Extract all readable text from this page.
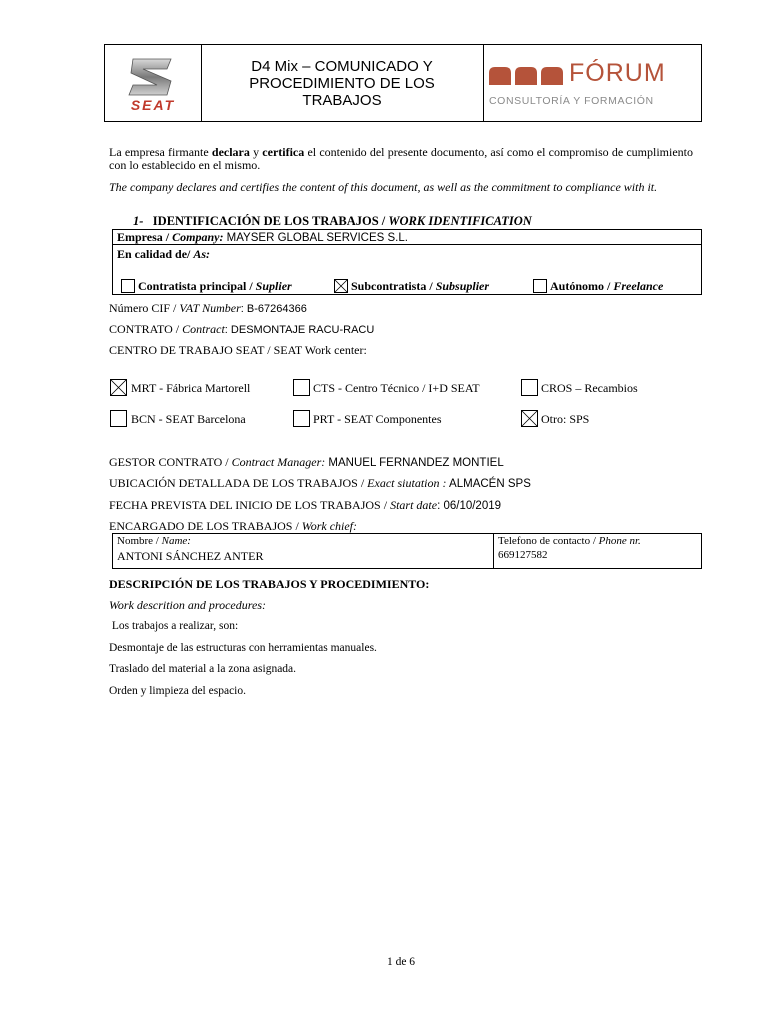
SEAT
D4 Mix – COMUNICADO Y
PROCEDIMIENTO DE LOS
TRABAJOS
FÓRUM
CONSULTORÍA Y FORMACIÓN
La empresa firmante declara y certifica el contenido del presente documento, así como el compromiso de cumplimiento con lo establecido en el mismo.
The company declares and certifies the content of this document, as well as the commitment to compliance with it.
1- IDENTIFICACIÓN DE LOS TRABAJOS / WORK IDENTIFICATION
Empresa / Company: MAYSER GLOBAL SERVICES S.L.
En calidad de/ As:
Contratista principal / Suplier	Subcontratista / Subsuplier	Autónomo / Freelance
Número CIF / VAT Number: B-67264366
CONTRATO / Contract: DESMONTAJE RACU-RACU
CENTRO DE TRABAJO SEAT / SEAT Work center:
MRT - Fábrica Martorell	CTS - Centro Técnico / I+D SEAT	CROS – Recambios
BCN - SEAT Barcelona	PRT - SEAT Componentes	Otro: SPS
GESTOR CONTRATO / Contract Manager: MANUEL FERNANDEZ MONTIEL
UBICACIÓN DETALLADA DE LOS TRABAJOS / Exact siutation : ALMACÉN SPS
FECHA PREVISTA DEL INICIO DE LOS TRABAJOS / Start date: 06/10/2019
ENCARGADO DE LOS TRABAJOS / Work chief:
Nombre / Name:
ANTONI SÁNCHEZ ANTER
Telefono de contacto / Phone nr.
669127582
DESCRIPCIÓN DE LOS TRABAJOS Y PROCEDIMIENTO:
Work descrition and procedures:
Los trabajos a realizar, son:
Desmontaje de las estructuras con herramientas manuales.
Traslado del material a la zona asignada.
Orden y limpieza del espacio.
1 de 6
